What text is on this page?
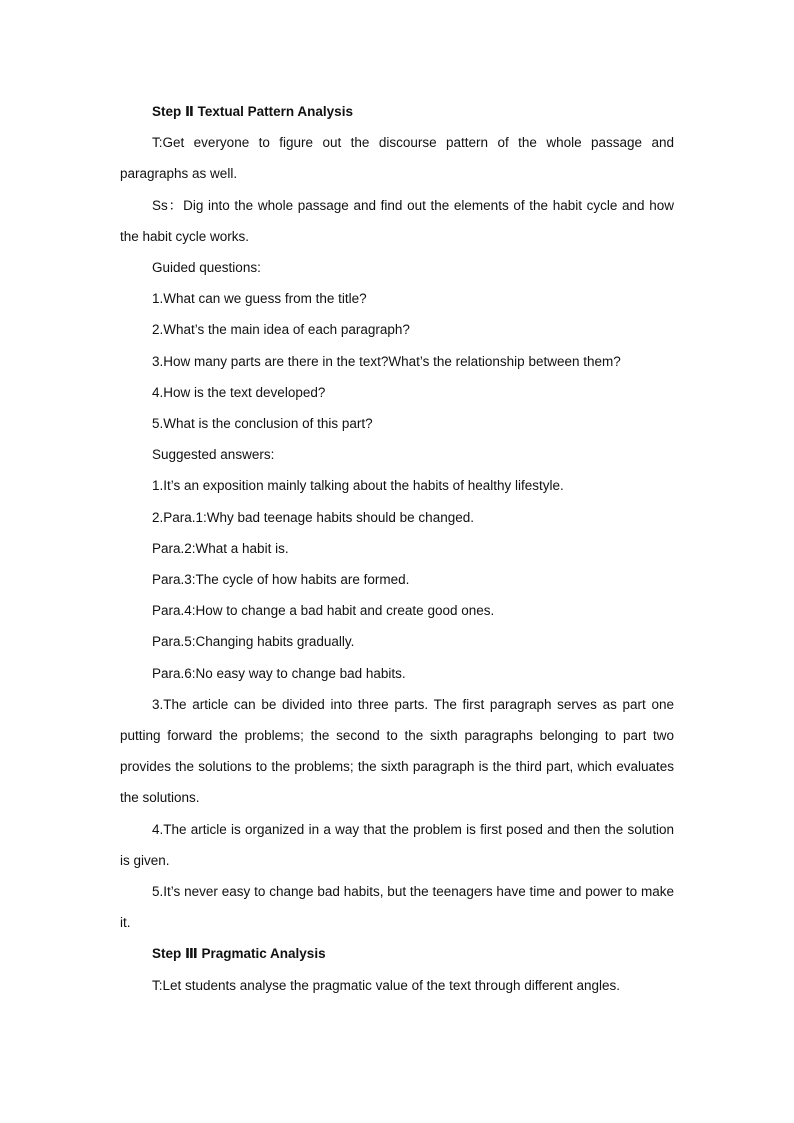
Step Ⅱ Textual Pattern Analysis

T:Get everyone to figure out the discourse pattern of the whole passage and paragraphs as well.

Ss：Dig into the whole passage and find out the elements of the habit cycle and how the habit cycle works.

Guided questions:

1.What can we guess from the title?

2.What’s the main idea of each paragraph?

3.How many parts are there in the text?What’s the relationship between them?

4.How is the text developed?

5.What is the conclusion of this part?

Suggested answers:

1.It’s an exposition mainly talking about the habits of healthy lifestyle.

2.Para.1:Why bad teenage habits should be changed.

Para.2:What a habit is.

Para.3:The cycle of how habits are formed.

Para.4:How to change a bad habit and create good ones.

Para.5:Changing habits gradually.

Para.6:No easy way to change bad habits.

3.The article can be divided into three parts. The first paragraph serves as part one putting forward the problems; the second to the sixth paragraphs belonging to part two provides the solutions to the problems; the sixth paragraph is the third part, which evaluates the solutions.

4.The article is organized in a way that the problem is first posed and then the solution is given.

5.It’s never easy to change bad habits, but the teenagers have time and power to make it.

Step Ⅲ Pragmatic Analysis

T:Let students analyse the pragmatic value of the text through different angles.
